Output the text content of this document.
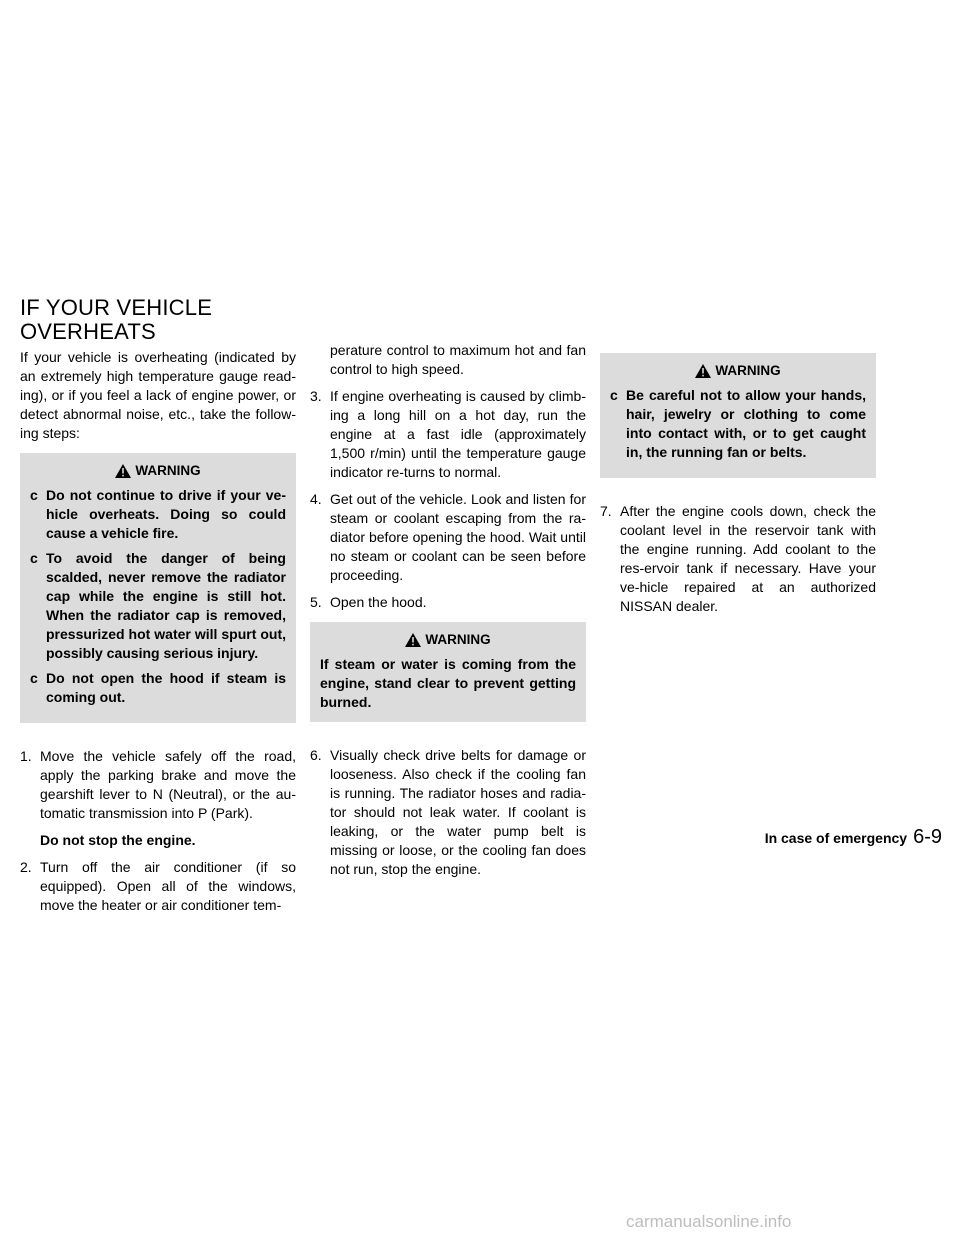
IF YOUR VEHICLE
OVERHEATS

If your vehicle is overheating (indicated by an extremely high temperature gauge read-ing), or if you feel a lack of engine power, or detect abnormal noise, etc., take the follow-ing steps:

WARNING
c Do not continue to drive if your ve-hicle overheats. Doing so could cause a vehicle fire.
c To avoid the danger of being scalded, never remove the radiator cap while the engine is still hot. When the radiator cap is removed, pressurized hot water will spurt out, possibly causing serious injury.
c Do not open the hood if steam is coming out.
1. Move the vehicle safely off the road, apply the parking brake and move the gearshift lever to N (Neutral), or the au-tomatic transmission into P (Park).
Do not stop the engine.
2. Turn off the air conditioner (if so equipped). Open all of the windows, move the heater or air conditioner tem-
perature control to maximum hot and fan control to high speed.
3. If engine overheating is caused by climb-ing a long hill on a hot day, run the engine at a fast idle (approximately 1,500 r/min) until the temperature gauge indicator re-turns to normal.
4. Get out of the vehicle. Look and listen for steam or coolant escaping from the ra-diator before opening the hood. Wait until no steam or coolant can be seen before proceeding.
5. Open the hood.
WARNING
If steam or water is coming from the engine, stand clear to prevent getting burned.
6. Visually check drive belts for damage or looseness. Also check if the cooling fan is running. The radiator hoses and radia-tor should not leak water. If coolant is leaking, or the water pump belt is missing or loose, or the cooling fan does not run, stop the engine.
WARNING
c Be careful not to allow your hands, hair, jewelry or clothing to come into contact with, or to get caught in, the running fan or belts.
7. After the engine cools down, check the coolant level in the reservoir tank with the engine running. Add coolant to the res-ervoir tank if necessary. Have your ve-hicle repaired at an authorized NISSAN dealer.
In case of emergency 6-9
carmanualsonline.info
